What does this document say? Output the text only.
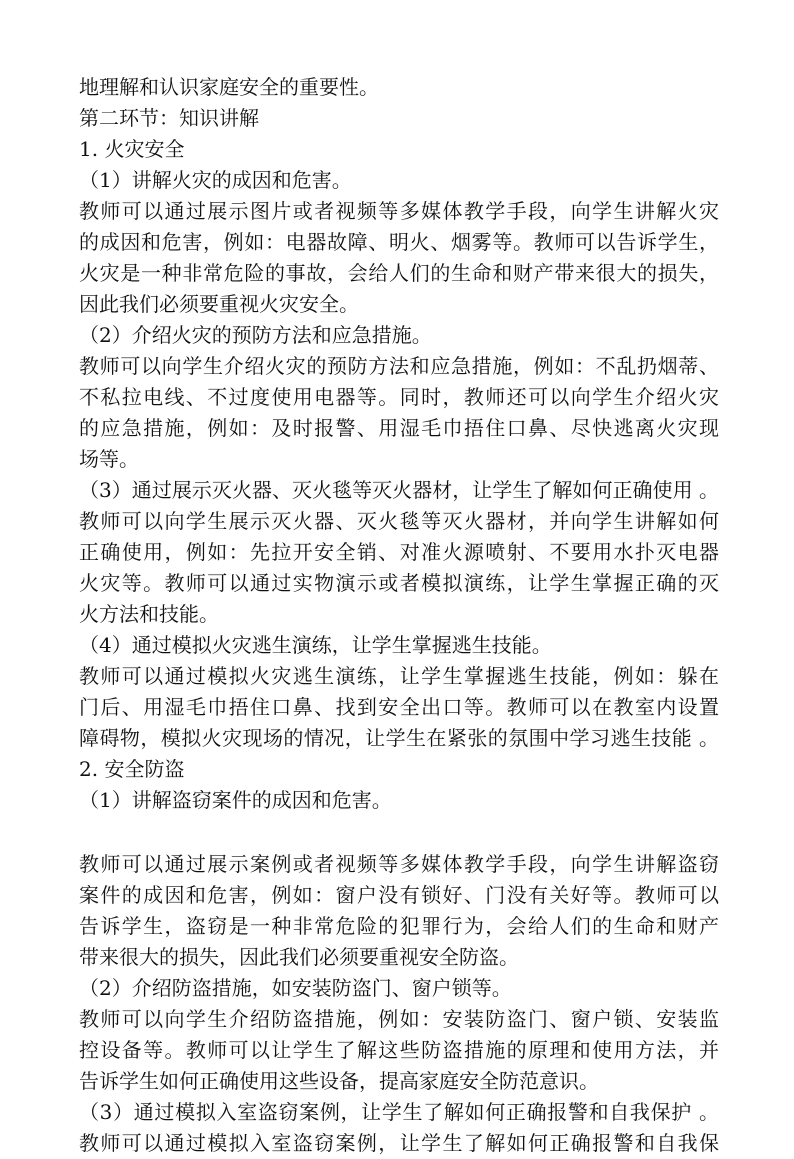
地理解和认识家庭安全的重要性。
第二环节：知识讲解
1. 火灾安全
（1）讲解火灾的成因和危害。
教师可以通过展示图片或者视频等多媒体教学手段，向学生讲解火灾
的成因和危害，例如：电器故障、明火、烟雾等。教师可以告诉学生，
火灾是一种非常危险的事故，会给人们的生命和财产带来很大的损失，
因此我们必须要重视火灾安全。
（2）介绍火灾的预防方法和应急措施。
教师可以向学生介绍火灾的预防方法和应急措施，例如：不乱扔烟蒂、
不私拉电线、不过度使用电器等。同时，教师还可以向学生介绍火灾
的应急措施，例如：及时报警、用湿毛巾捂住口鼻、尽快逃离火灾现
场等。
（3）通过展示灭火器、灭火毯等灭火器材，让学生了解如何正确使用 。
教师可以向学生展示灭火器、灭火毯等灭火器材，并向学生讲解如何
正确使用，例如：先拉开安全销、对准火源喷射、不要用水扑灭电器
火灾等。教师可以通过实物演示或者模拟演练，让学生掌握正确的灭
火方法和技能。
（4）通过模拟火灾逃生演练，让学生掌握逃生技能。
教师可以通过模拟火灾逃生演练，让学生掌握逃生技能，例如：躲在
门后、用湿毛巾捂住口鼻、找到安全出口等。教师可以在教室内设置
障碍物，模拟火灾现场的情况，让学生在紧张的氛围中学习逃生技能 。
2. 安全防盗
（1）讲解盗窃案件的成因和危害。
教师可以通过展示案例或者视频等多媒体教学手段，向学生讲解盗窃
案件的成因和危害，例如：窗户没有锁好、门没有关好等。教师可以
告诉学生，盗窃是一种非常危险的犯罪行为，会给人们的生命和财产
带来很大的损失，因此我们必须要重视安全防盗。
（2）介绍防盗措施，如安装防盗门、窗户锁等。
教师可以向学生介绍防盗措施，例如：安装防盗门、窗户锁、安装监
控设备等。教师可以让学生了解这些防盗措施的原理和使用方法，并
告诉学生如何正确使用这些设备，提高家庭安全防范意识。
（3）通过模拟入室盗窃案例，让学生了解如何正确报警和自我保护 。
教师可以通过模拟入室盗窃案例，让学生了解如何正确报警和自我保
